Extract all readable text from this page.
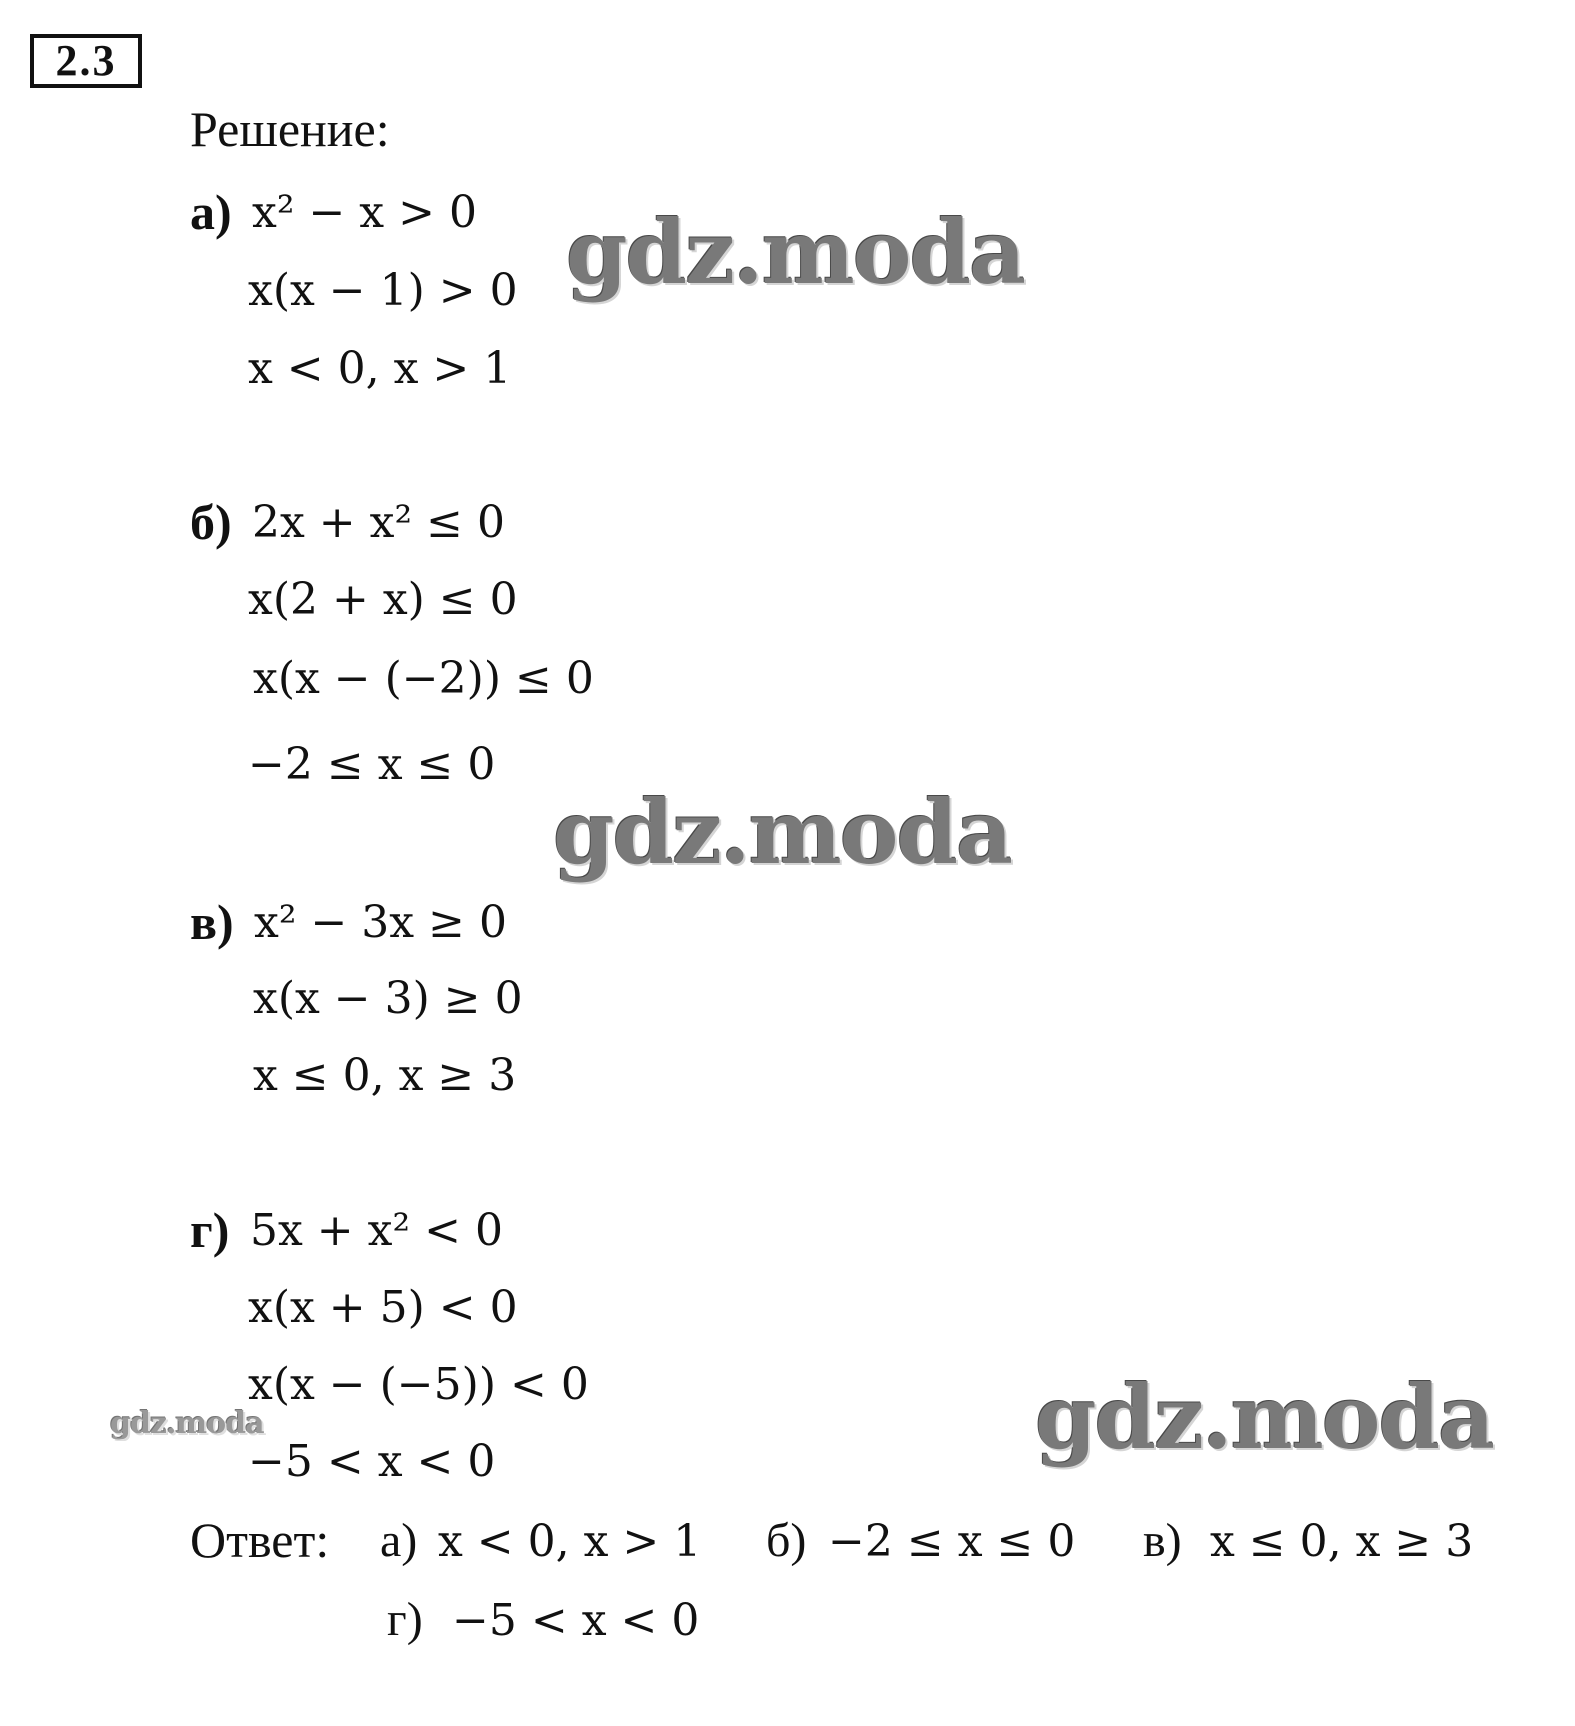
2.3
Решение:
а) x² − x > 0
x(x − 1) > 0
x < 0, x > 1
б) 2x + x² ≤ 0
x(2 + x) ≤ 0
x(x − (−2)) ≤ 0
−2 ≤ x ≤ 0
в) x² − 3x ≥ 0
x(x − 3) ≥ 0
x ≤ 0, x ≥ 3
г) 5x + x² < 0
x(x + 5) < 0
x(x − (−5)) < 0
−5 < x < 0
Ответ: а) x < 0, x > 1 б) −2 ≤ x ≤ 0 в) x ≤ 0, x ≥ 3
г) −5 < x < 0
gdz.moda
gdz.moda
gdz.moda
gdz.moda
